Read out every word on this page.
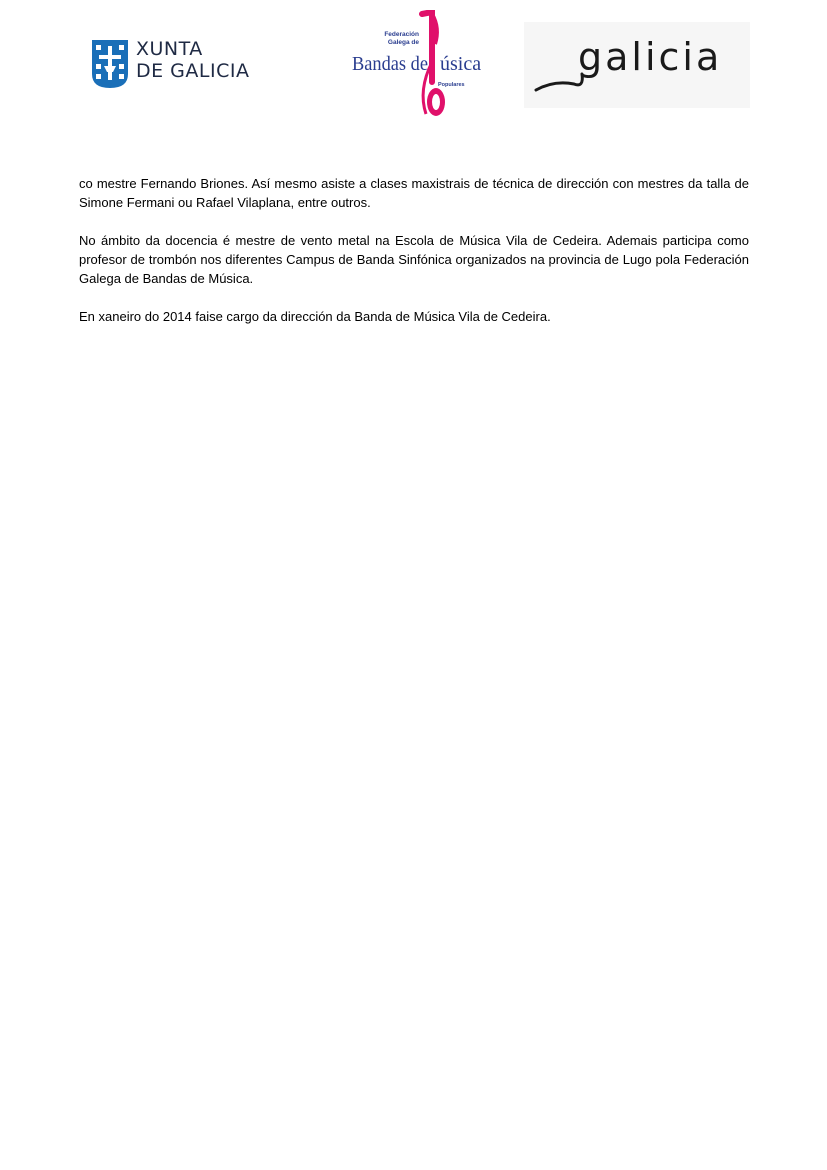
XUNTA
DE GALICIA
Federación
Galega de
Bandas de úsica
Populares
galicia

co mestre Fernando Briones. Así mesmo asiste a clases maxistrais de técnica de dirección con mestres da talla de Simone Fermani ou Rafael Vilaplana, entre outros.

No ámbito da docencia é mestre de vento metal na Escola de Música Vila de Cedeira. Ademais participa como profesor de trombón nos diferentes Campus de Banda Sinfónica organizados na provincia de Lugo pola Federación Galega de Bandas de Música.

En xaneiro do 2014 faise cargo da dirección da Banda de Música Vila de Cedeira.
